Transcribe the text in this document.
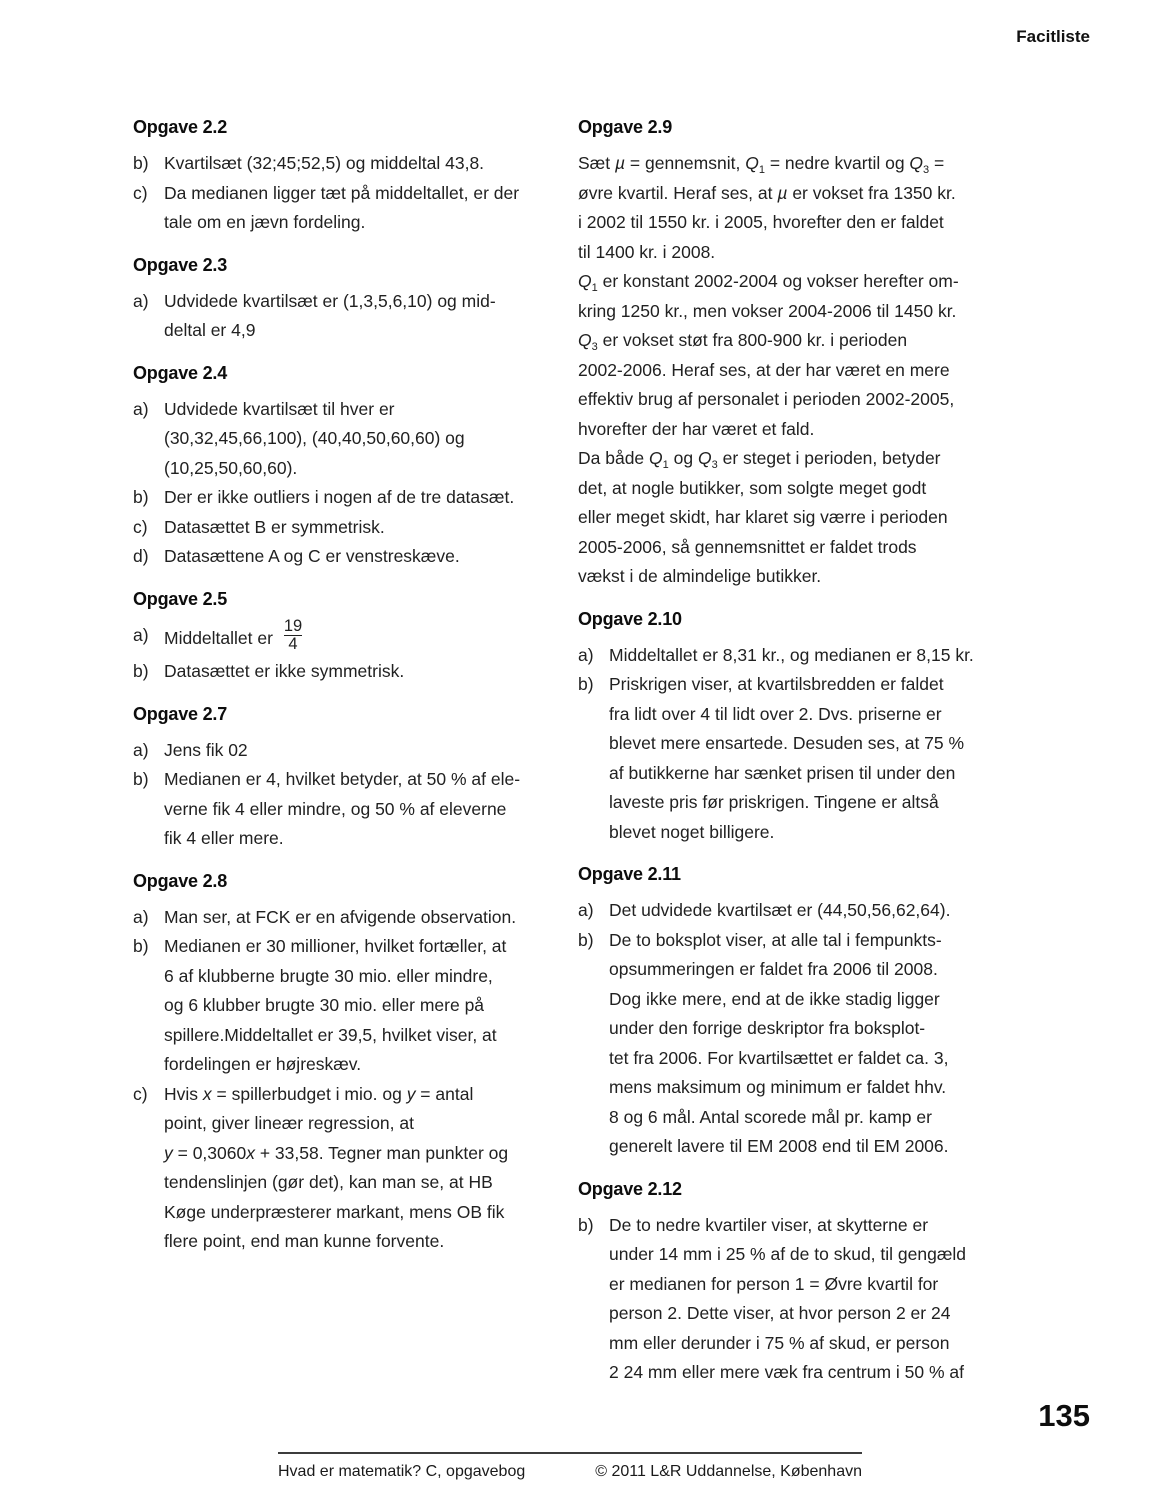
Facitliste
Opgave 2.2
b) Kvartilsæt (32;45;52,5) og middeltal 43,8.
c) Da medianen ligger tæt på middeltallet, er der
tale om en jævn fordeling.
Opgave 2.3
a) Udvidede kvartilsæt er (1,3,5,6,10) og mid-
deltal er 4,9
Opgave 2.4
a) Udvidede kvartilsæt til hver er
(30,32,45,66,100), (40,40,50,60,60) og
(10,25,50,60,60).
b) Der er ikke outliers i nogen af de tre datasæt.
c) Datasættet B er symmetrisk.
d) Datasættene A og C er venstreskæve.
Opgave 2.5
a) Middeltallet er $\frac{19}{4}$
b) Datasættet er ikke symmetrisk.
Opgave 2.7
a) Jens fik 02
b) Medianen er 4, hvilket betyder, at 50 % af ele-
verne fik 4 eller mindre, og 50 % af eleverne
fik 4 eller mere.
Opgave 2.8
a) Man ser, at FCK er en afvigende observation.
b) Medianen er 30 millioner, hvilket fortæller, at
6 af klubberne brugte 30 mio. eller mindre,
og 6 klubber brugte 30 mio. eller mere på
spillere.Middeltallet er 39,5, hvilket viser, at
fordelingen er højreskæv.
c) Hvis x = spillerbudget i mio. og y = antal
point, giver lineær regression, at
y = 0,3060x + 33,58. Tegner man punkter og
tendenslinjen (gør det), kan man se, at HB
Køge underpræsterer markant, mens OB fik
flere point, end man kunne forvente.
Opgave 2.9
Sæt µ = gennemsnit, $Q_1$ = nedre kvartil og $Q_3$ =
øvre kvartil. Heraf ses, at µ er vokset fra 1350 kr.
i 2002 til 1550 kr. i 2005, hvorefter den er faldet
til 1400 kr. i 2008.
$Q_1$ er konstant 2002-2004 og vokser herefter om-
kring 1250 kr., men vokser 2004-2006 til 1450 kr.
$Q_3$ er vokset støt fra 800-900 kr. i perioden
2002-2006. Heraf ses, at der har været en mere
effektiv brug af personalet i perioden 2002-2005,
hvorefter der har været et fald.
Da både $Q_1$ og $Q_3$ er steget i perioden, betyder
det, at nogle butikker, som solgte meget godt
eller meget skidt, har klaret sig værre i perioden
2005-2006, så gennemsnittet er faldet trods
vækst i de almindelige butikker.
Opgave 2.10
a) Middeltallet er 8,31 kr., og medianen er 8,15 kr.
b) Priskrigen viser, at kvartilsbredden er faldet
fra lidt over 4 til lidt over 2. Dvs. priserne er
blevet mere ensartede. Desuden ses, at 75 %
af butikkerne har sænket prisen til under den
laveste pris før priskrigen. Tingene er altså
blevet noget billigere.
Opgave 2.11
a) Det udvidede kvartilsæt er (44,50,56,62,64).
b) De to boksplot viser, at alle tal i fempunkts-
opsummeringen er faldet fra 2006 til 2008.
Dog ikke mere, end at de ikke stadig ligger
under den forrige deskriptor fra boksplot-
tet fra 2006. For kvartilsættet er faldet ca. 3,
mens maksimum og minimum er faldet hhv.
8 og 6 mål. Antal scorede mål pr. kamp er
generelt lavere til EM 2008 end til EM 2006.
Opgave 2.12
b) De to nedre kvartiler viser, at skytterne er
under 14 mm i 25 % af de to skud, til gengæld
er medianen for person 1 = Øvre kvartil for
person 2. Dette viser, at hvor person 2 er 24
mm eller derunder i 75 % af skud, er person
2 24 mm eller mere væk fra centrum i 50 % af
135
Hvad er matematik? C, opgavebog	© 2011 L&R Uddannelse, København
